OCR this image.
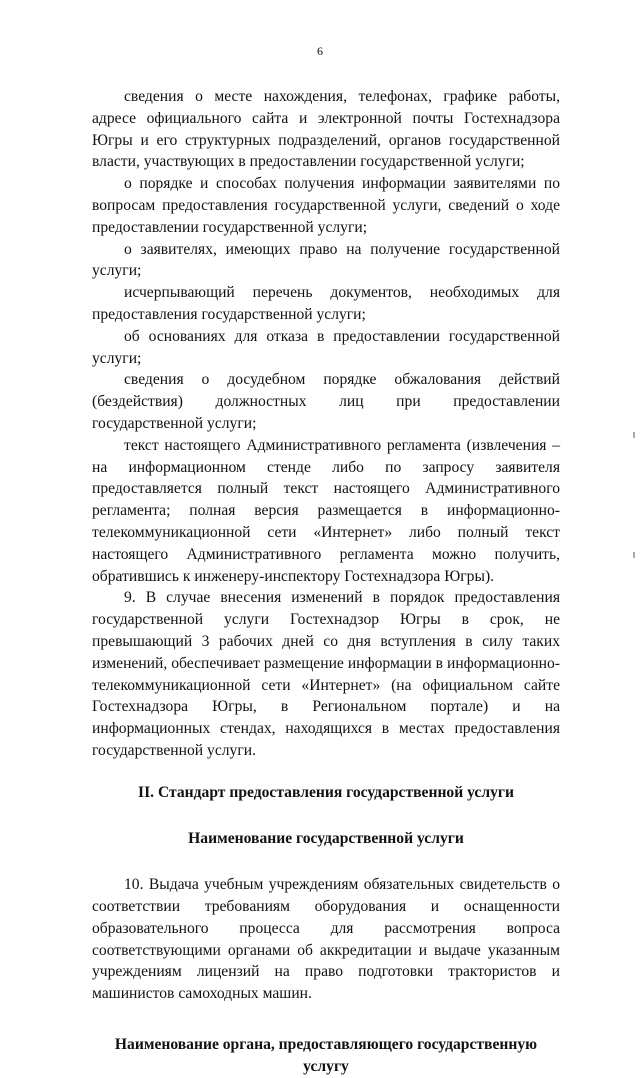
6

сведения о месте нахождения, телефонах, графике работы, адресе официального сайта и электронной почты Гостехнадзора Югры и его структурных подразделений, органов государственной власти, участвующих в предоставлении государственной услуги;

о порядке и способах получения информации заявителями по вопросам предоставления государственной услуги, сведений о ходе предоставлении государственной услуги;

о заявителях, имеющих право на получение государственной услуги;

исчерпывающий перечень документов, необходимых для предоставления государственной услуги;

об основаниях для отказа в предоставлении государственной услуги;

сведения о досудебном порядке обжалования действий (бездействия) должностных лиц при предоставлении государственной услуги;

текст настоящего Административного регламента (извлечения – на информационном стенде либо по запросу заявителя предоставляется полный текст настоящего Административного регламента; полная версия размещается в информационно-телекоммуникационной сети «Интернет» либо полный текст настоящего Административного регламента можно получить, обратившись к инженеру-инспектору Гостехнадзора Югры).

9. В случае внесения изменений в порядок предоставления государственной услуги Гостехнадзор Югры в срок, не превышающий 3 рабочих дней со дня вступления в силу таких изменений, обеспечивает размещение информации в информационно-телекоммуникационной сети «Интернет» (на официальном сайте Гостехнадзора Югры, в Региональном портале) и на информационных стендах, находящихся в местах предоставления государственной услуги.

II. Стандарт предоставления государственной услуги

Наименование государственной услуги

10. Выдача учебным учреждениям обязательных свидетельств о соответствии требованиям оборудования и оснащенности образовательного процесса для рассмотрения вопроса соответствующими органами об аккредитации и выдаче указанным учреждениям лицензий на право подготовки трактористов и машинистов самоходных машин.

Наименование органа, предоставляющего государственную услугу
